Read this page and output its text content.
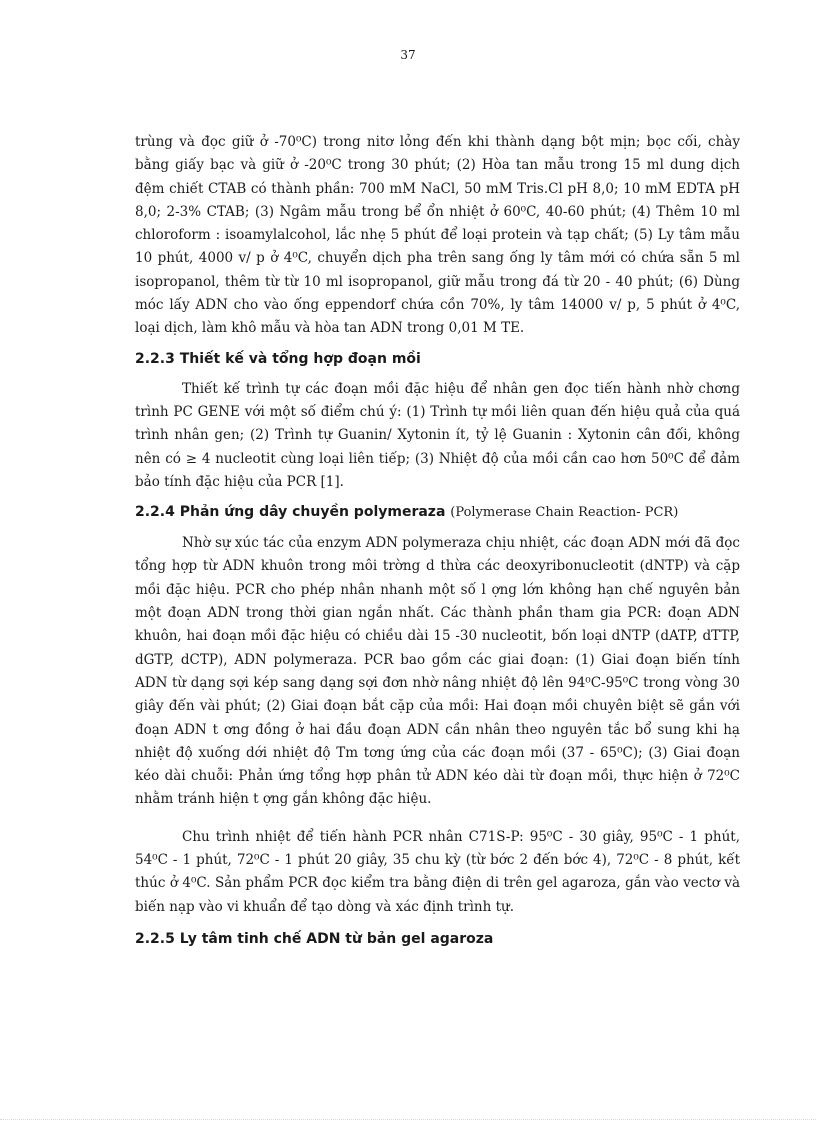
37

trùng và đọc giữ ở -70⁰C) trong nitơ lỏng đến khi thành dạng bột mịn; bọc cối, chày bằng giấy bạc và giữ ở -20⁰C trong 30 phút; (2) Hòa tan mẫu trong 15 ml dung dịch đệm chiết CTAB có thành phần: 700 mM NaCl, 50 mM Tris.Cl pH 8,0; 10 mM EDTA pH 8,0; 2-3% CTAB; (3) Ngâm mẫu trong bể ổn nhiệt ở 60⁰C, 40-60 phút; (4) Thêm 10 ml chloroform : isoamylalcohol, lắc nhẹ 5 phút để loại protein và tạp chất; (5) Ly tâm mẫu 10 phút, 4000 v/ p ở 4⁰C, chuyển dịch pha trên sang ống ly tâm mới có chứa sẵn 5 ml isopropanol, thêm từ từ 10 ml isopropanol, giữ mẫu trong đá từ 20 - 40 phút; (6) Dùng móc lấy ADN cho vào ống eppendorf chứa cồn 70%, ly tâm 14000 v/ p, 5 phút ở 4⁰C, loại dịch, làm khô mẫu và hòa tan ADN trong 0,01 M TE.

2.2.3 Thiết kế và tổng hợp đoạn mồi

Thiết kế trình tự các đoạn mồi đặc hiệu để nhân gen đọc tiến hành nhờ chơng trình PC GENE với một số điểm chú ý: (1) Trình tự mồi liên quan đến hiệu quả của quá trình nhân gen; (2) Trình tự Guanin/ Xytonin ít, tỷ lệ Guanin : Xytonin cân đối, không nên có ≥ 4 nucleotit cùng loại liên tiếp; (3) Nhiệt độ của mồi cần cao hơn 50⁰C để đảm bảo tính đặc hiệu của PCR [1].

2.2.4 Phản ứng dây chuyền polymeraza (Polymerase Chain Reaction- PCR)

Nhờ sự xúc tác của enzym ADN polymeraza chịu nhiệt, các đoạn ADN mới đã đọc tổng hợp từ ADN khuôn trong môi trờng d thừa các deoxyribonucleotit (dNTP) và cặp mồi đặc hiệu. PCR cho phép nhân nhanh một số l ợng lớn không hạn chế nguyên bản một đoạn ADN trong thời gian ngắn nhất. Các thành phần tham gia PCR: đoạn ADN khuôn, hai đoạn mồi đặc hiệu có chiều dài 15 -30 nucleotit, bốn loại dNTP (dATP, dTTP, dGTP, dCTP), ADN polymeraza. PCR bao gồm các giai đoạn: (1) Giai đoạn biến tính ADN từ dạng sợi kép sang dạng sợi đơn nhờ nâng nhiệt độ lên 94⁰C-95⁰C trong vòng 30 giây đến vài phút; (2) Giai đoạn bắt cặp của mồi: Hai đoạn mồi chuyên biệt sẽ gắn với đoạn ADN t ơng đồng ở hai đầu đoạn ADN cần nhân theo nguyên tắc bổ sung khi hạ nhiệt độ xuống dới nhiệt độ Tm tơng ứng của các đoạn mồi (37 - 65⁰C); (3) Giai đoạn kéo dài chuỗi: Phản ứng tổng hợp phân tử ADN kéo dài từ đoạn mồi, thực hiện ở 72⁰C nhằm tránh hiện t ợng gắn không đặc hiệu.

Chu trình nhiệt để tiến hành PCR nhân C71S-P: 95⁰C - 30 giây, 95⁰C - 1 phút, 54⁰C - 1 phút, 72⁰C - 1 phút 20 giây, 35 chu kỳ (từ bớc 2 đến bớc 4), 72⁰C - 8 phút, kết thúc ở 4⁰C. Sản phẩm PCR đọc kiểm tra bằng điện di trên gel agaroza, gắn vào vectơ và biến nạp vào vi khuẩn để tạo dòng và xác định trình tự.

2.2.5 Ly tâm tinh chế ADN từ bản gel agaroza
